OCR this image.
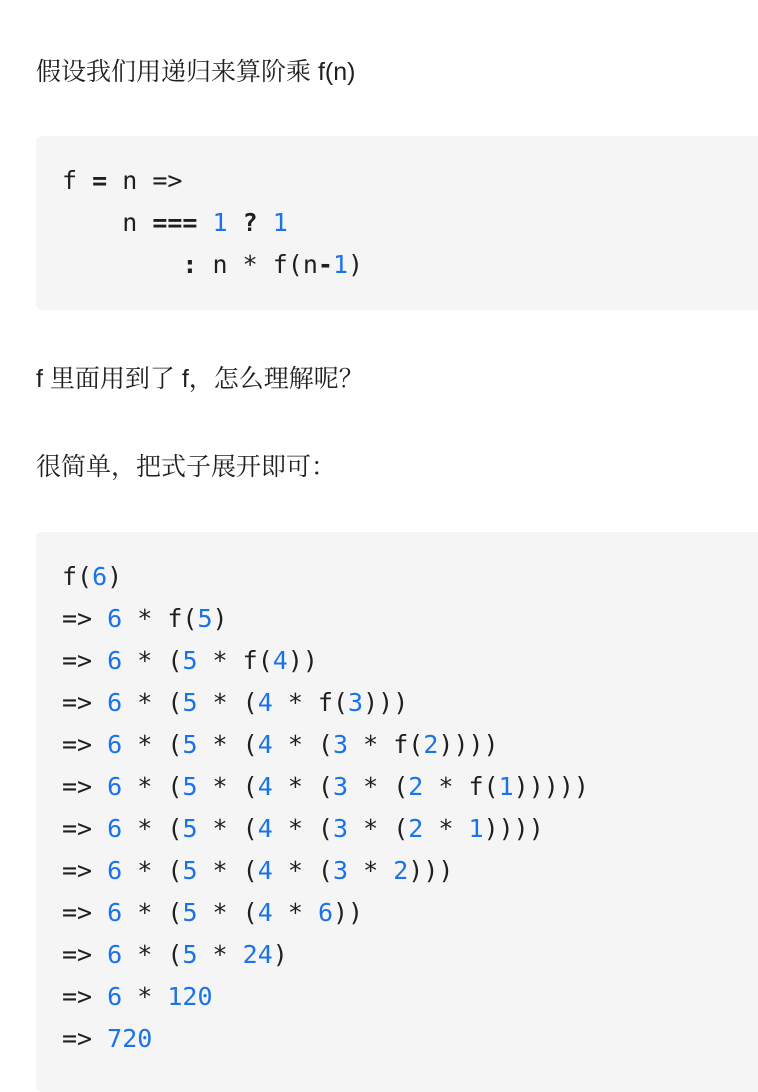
假设我们用递归来算阶乘 f(n)

f = n =>
n === 1 ? 1
: n * f(n-1)

f 里面用到了 f，怎么理解呢？

很简单，把式子展开即可：

f(6)
=> 6 * f(5)
=> 6 * (5 * f(4))
=> 6 * (5 * (4 * f(3)))
=> 6 * (5 * (4 * (3 * f(2))))
=> 6 * (5 * (4 * (3 * (2 * f(1)))))
=> 6 * (5 * (4 * (3 * (2 * 1))))
=> 6 * (5 * (4 * (3 * 2)))
=> 6 * (5 * (4 * 6))
=> 6 * (5 * 24)
=> 6 * 120
=> 720
